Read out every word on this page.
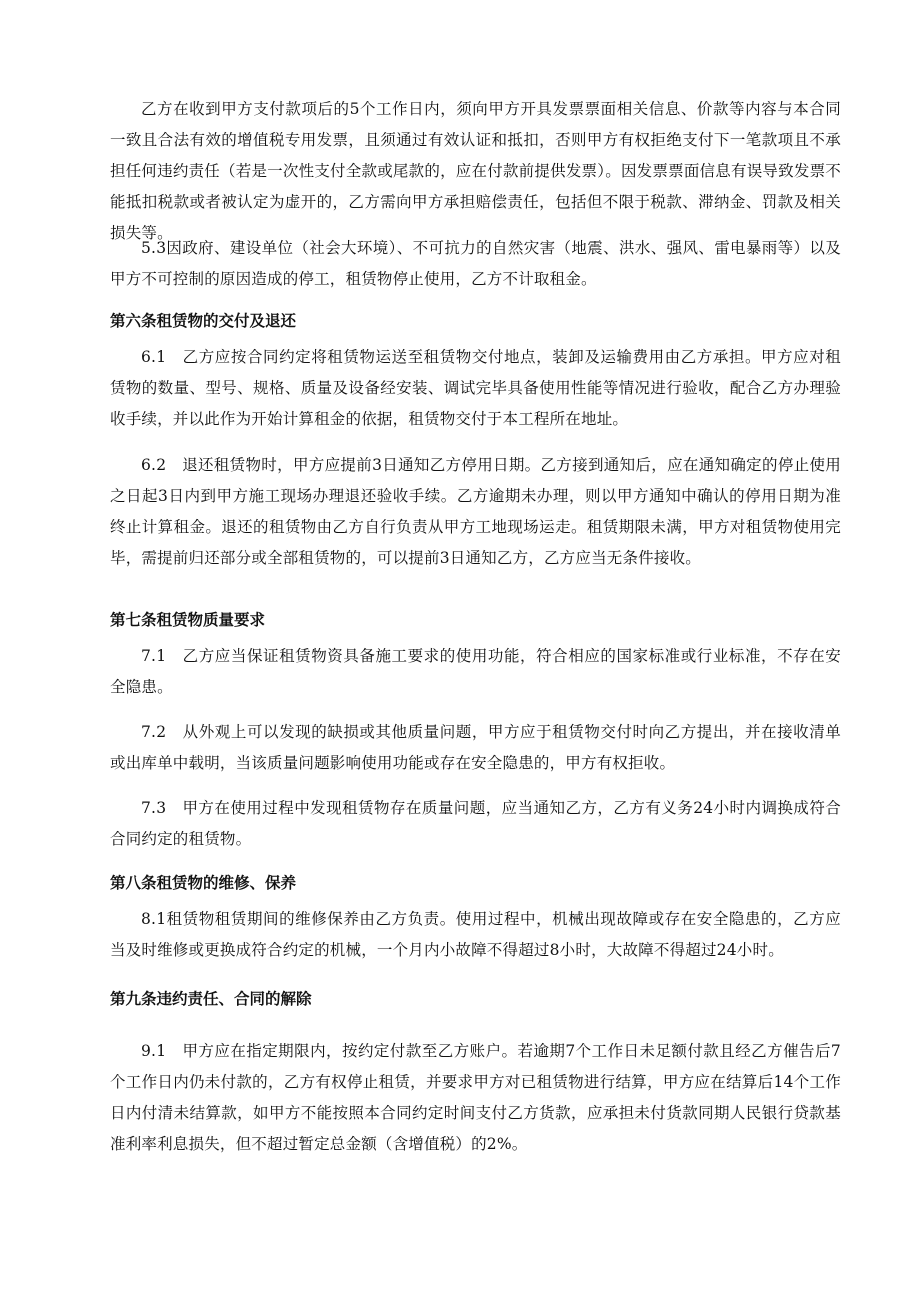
乙方在收到甲方支付款项后的5个工作日内，须向甲方开具发票票面相关信息、价款等内容与本合同一致且合法有效的增值税专用发票，且须通过有效认证和抵扣，否则甲方有权拒绝支付下一笔款项且不承担任何违约责任（若是一次性支付全款或尾款的，应在付款前提供发票）。因发票票面信息有误导致发票不能抵扣税款或者被认定为虚开的，乙方需向甲方承担赔偿责任，包括但不限于税款、滞纳金、罚款及相关损失等。

5.3因政府、建设单位（社会大环境）、不可抗力的自然灾害（地震、洪水、强风、雷电暴雨等）以及甲方不可控制的原因造成的停工，租赁物停止使用，乙方不计取租金。

第六条租赁物的交付及退还

6.1　乙方应按合同约定将租赁物运送至租赁物交付地点，装卸及运输费用由乙方承担。甲方应对租赁物的数量、型号、规格、质量及设备经安装、调试完毕具备使用性能等情况进行验收，配合乙方办理验收手续，并以此作为开始计算租金的依据，租赁物交付于本工程所在地址。

6.2　退还租赁物时，甲方应提前3日通知乙方停用日期。乙方接到通知后，应在通知确定的停止使用之日起3日内到甲方施工现场办理退还验收手续。乙方逾期未办理，则以甲方通知中确认的停用日期为准终止计算租金。退还的租赁物由乙方自行负责从甲方工地现场运走。租赁期限未满，甲方对租赁物使用完毕，需提前归还部分或全部租赁物的，可以提前3日通知乙方，乙方应当无条件接收。

第七条租赁物质量要求

7.1　乙方应当保证租赁物资具备施工要求的使用功能，符合相应的国家标准或行业标准，不存在安全隐患。

7.2　从外观上可以发现的缺损或其他质量问题，甲方应于租赁物交付时向乙方提出，并在接收清单或出库单中载明，当该质量问题影响使用功能或存在安全隐患的，甲方有权拒收。

7.3　甲方在使用过程中发现租赁物存在质量问题，应当通知乙方，乙方有义务24小时内调换成符合合同约定的租赁物。

第八条租赁物的维修、保养

8.1租赁物租赁期间的维修保养由乙方负责。使用过程中，机械出现故障或存在安全隐患的，乙方应当及时维修或更换成符合约定的机械，一个月内小故障不得超过8小时，大故障不得超过24小时。

第九条违约责任、合同的解除

9.1　甲方应在指定期限内，按约定付款至乙方账户。若逾期7个工作日未足额付款且经乙方催告后7个工作日内仍未付款的，乙方有权停止租赁，并要求甲方对已租赁物进行结算，甲方应在结算后14个工作日内付清未结算款，如甲方不能按照本合同约定时间支付乙方货款，应承担未付货款同期人民银行贷款基准利率利息损失，但不超过暂定总金额（含增值税）的2%。
